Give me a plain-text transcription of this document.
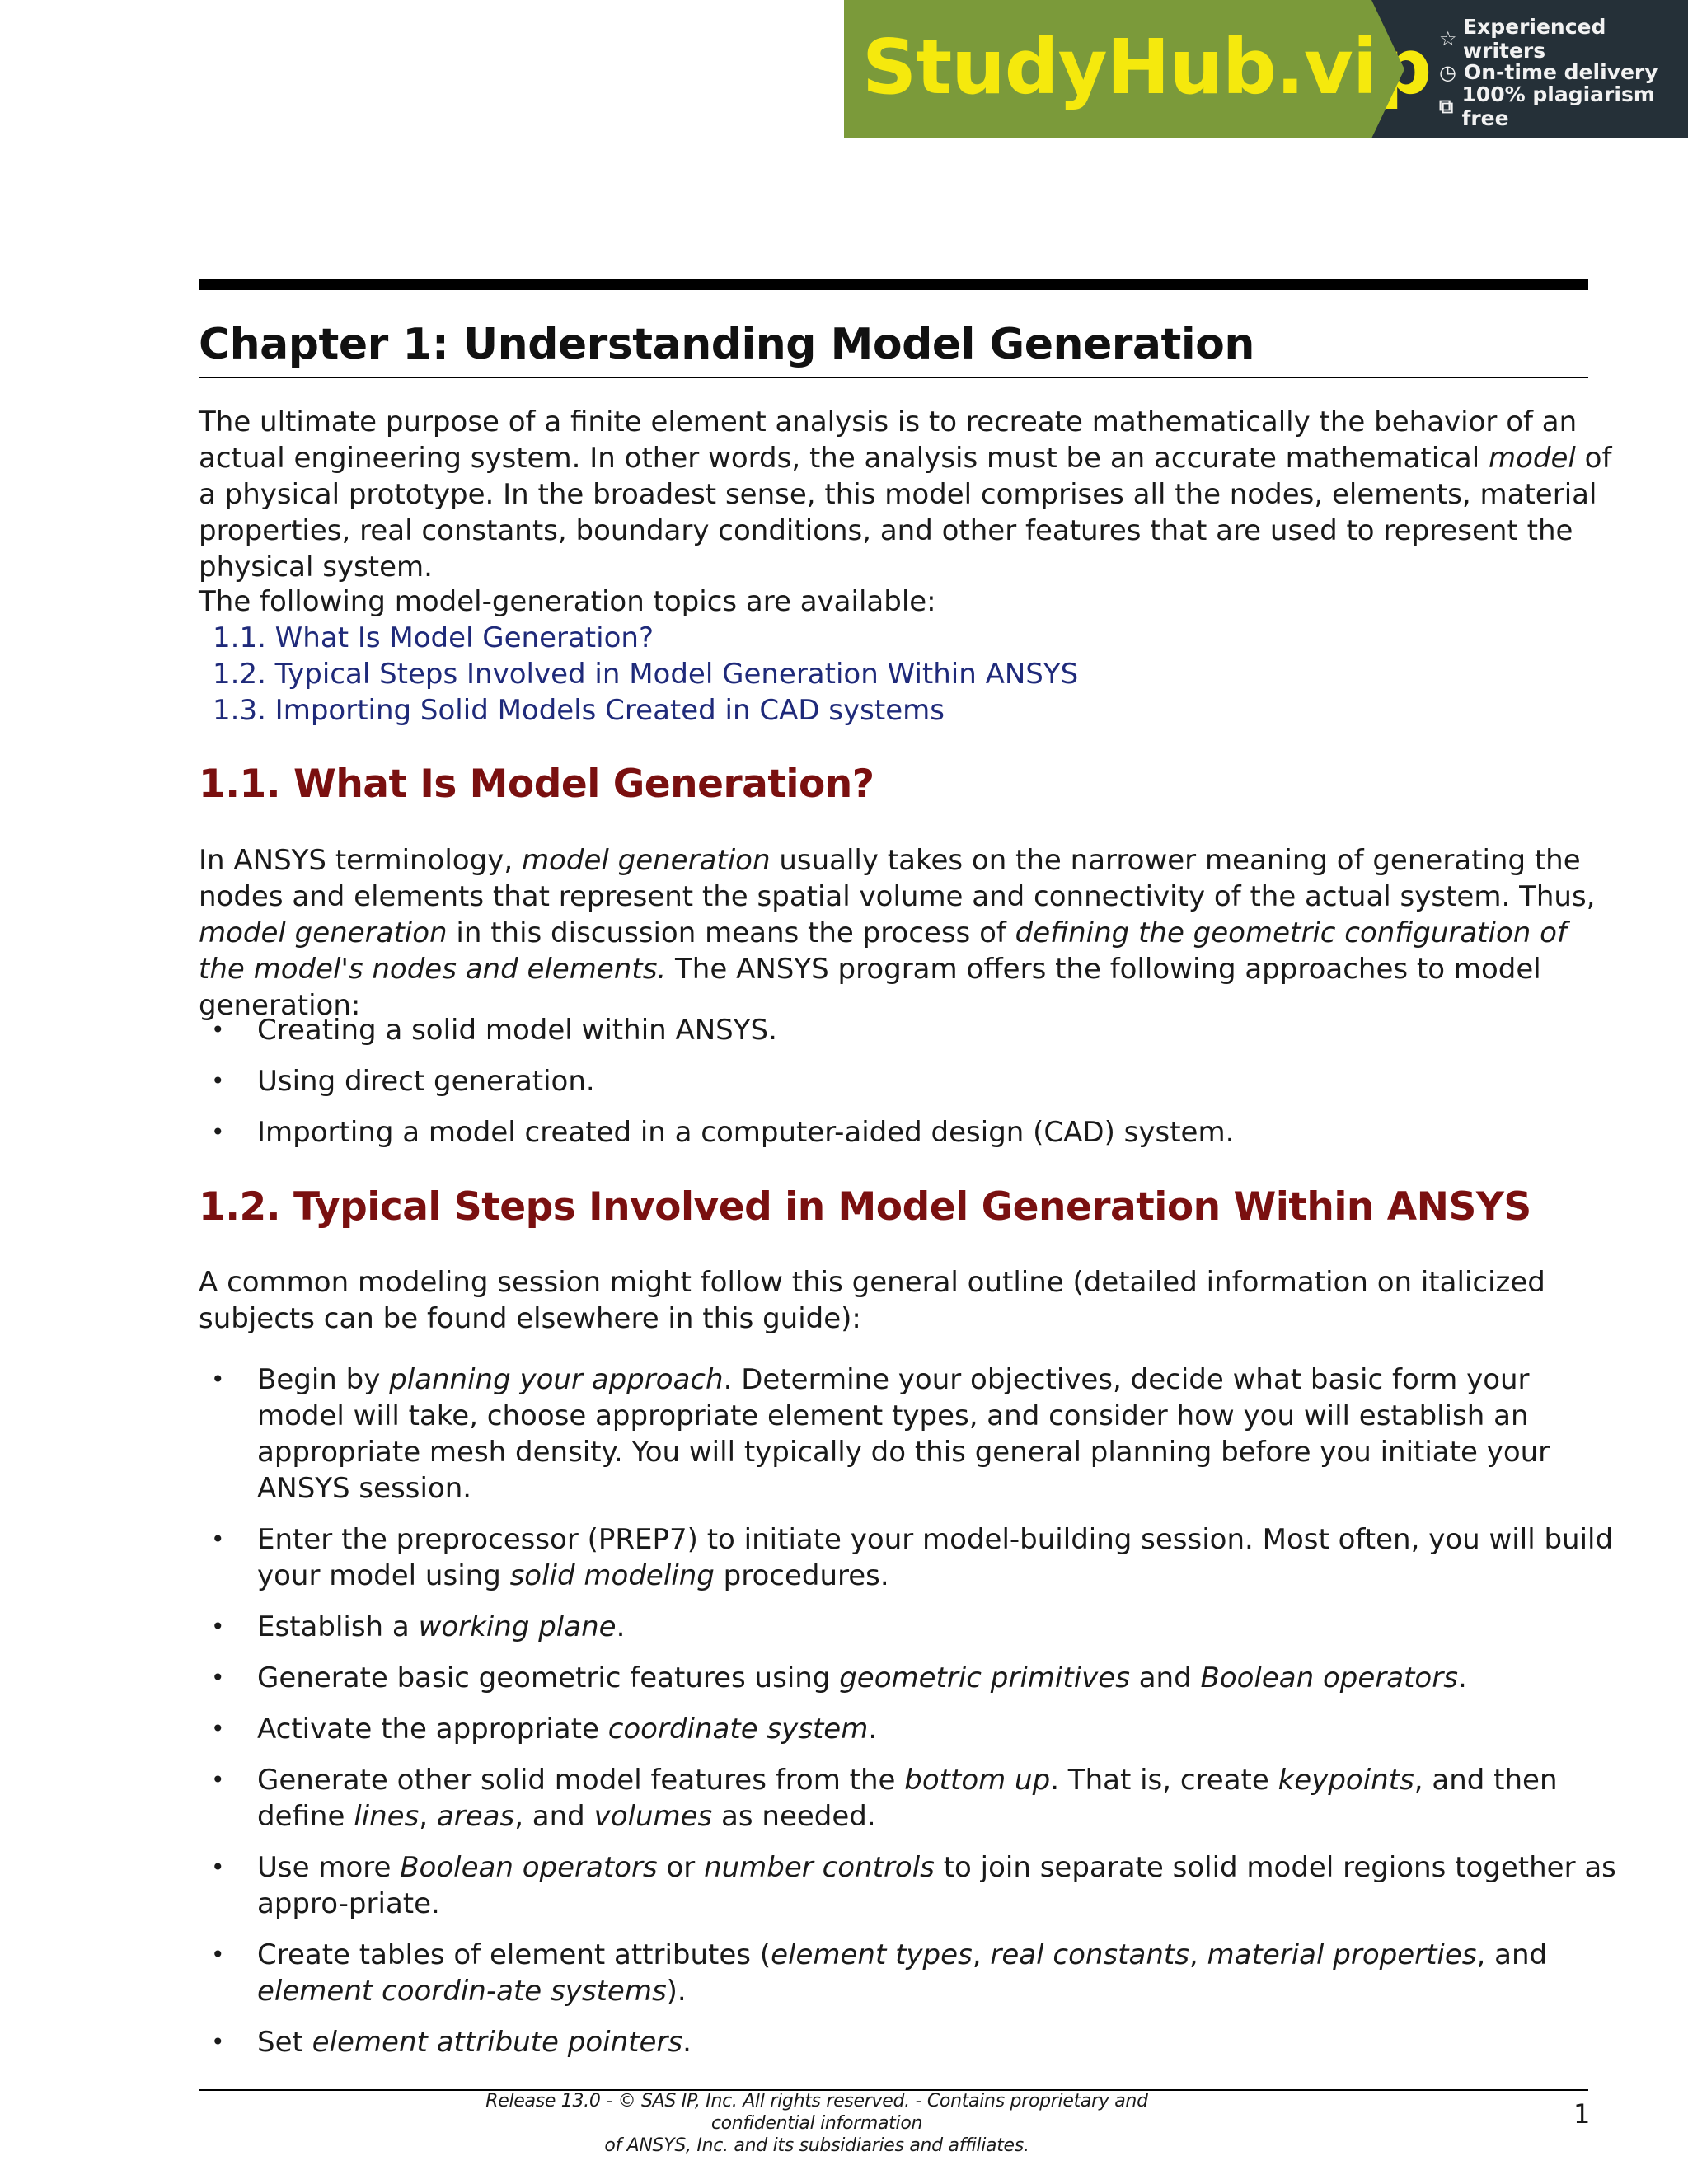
StudyHub.vip ☆ Experienced writers
◷ On-time delivery
⧉ 100% plagiarism free
Chapter 1: Understanding Model Generation

The ultimate purpose of a finite element analysis is to recreate mathematically the behavior of an actual engineering system. In other words, the analysis must be an accurate mathematical model of a physical prototype. In the broadest sense, this model comprises all the nodes, elements, material properties, real constants, boundary conditions, and other features that are used to represent the physical system.

The following model-generation topics are available:

1.1. What Is Model Generation?
1.2. Typical Steps Involved in Model Generation Within ANSYS
1.3. Importing Solid Models Created in CAD systems
1.1. What Is Model Generation?

In ANSYS terminology, model generation usually takes on the narrower meaning of generating the nodes and elements that represent the spatial volume and connectivity of the actual system. Thus, model generation in this discussion means the process of defining the geometric configuration of the model's nodes and elements. The ANSYS program offers the following approaches to model generation:

• Creating a solid model within ANSYS.
• Using direct generation.
• Importing a model created in a computer-aided design (CAD) system.
1.2. Typical Steps Involved in Model Generation Within ANSYS

A common modeling session might follow this general outline (detailed information on italicized subjects can be found elsewhere in this guide):

• Begin by planning your approach. Determine your objectives, decide what basic form your model will take, choose appropriate element types, and consider how you will establish an appropriate mesh density. You will typically do this general planning before you initiate your ANSYS session.
• Enter the preprocessor (PREP7) to initiate your model-building session. Most often, you will build your model using solid modeling procedures.
• Establish a working plane.
• Generate basic geometric features using geometric primitives and Boolean operators.
• Activate the appropriate coordinate system.
• Generate other solid model features from the bottom up. That is, create keypoints, and then define lines, areas, and volumes as needed.
• Use more Boolean operators or number controls to join separate solid model regions together as appro-priate.
• Create tables of element attributes (element types, real constants, material properties, and element coordin-ate systems).
• Set element attribute pointers.
Release 13.0 - © SAS IP, Inc. All rights reserved. - Contains proprietary and confidential information
of ANSYS, Inc. and its subsidiaries and affiliates.
1
